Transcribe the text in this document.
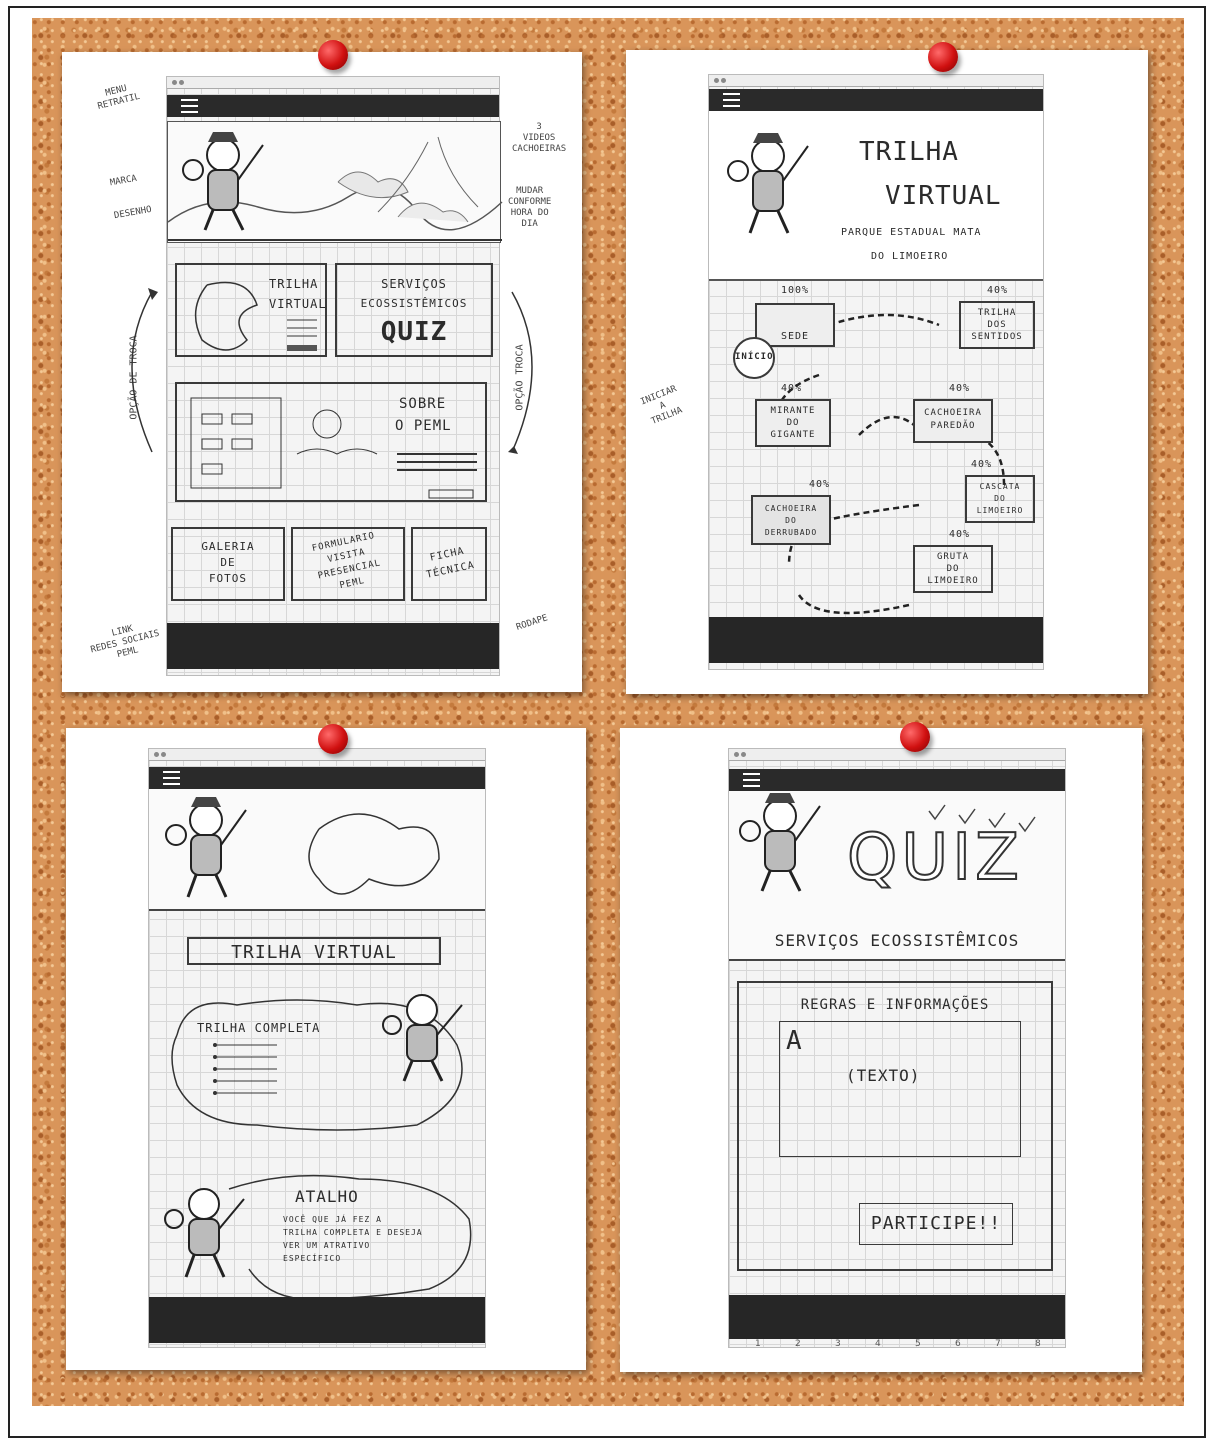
TRILHA
VIRTUAL
SERVIÇOS
ECOSSISTÊMICOS
QUIZ
SOBRE
O PEML
GALERIA
DE
FOTOS
FORMULARIO
VISITA
PRESENCIAL
PEML
FICHA
TÉCNICA
MENU
RETRATIL
3
VIDEOS
CACHOEIRAS
MUDAR
CONFORME
HORA DO
DIA
MARCA
DESENHO
OPÇÃO DE TROCA	OPÇÃO TROCA
LINK
REDES SOCIAIS
PEML
RODAPE
TRILHA
VIRTUAL
PARQUE ESTADUAL MATA
DO LIMOEIRO
SEDE
100%
INÍCIO
TRILHA
DOS
SENTIDOS
40%
MIRANTE
DO
GIGANTE
40%
CACHOEIRA
PAREDÃO
40%
CASCATA
DO
LIMOEIRO
40%
CACHOEIRA
DO
DERRUBADO
40%
GRUTA
DO
LIMOEIRO
40%
INICIAR
A
TRILHA
TRILHA VIRTUAL
TRILHA COMPLETA
ATALHO
VOCÊ QUE JÁ FEZ A
TRILHA COMPLETA E DESEJA
VER UM ATRATIVO
ESPECÍFICO
QUIZ
SERVIÇOS ECOSSISTÊMICOS
REGRAS E INFORMAÇÕES
A
(TEXTO)
PARTICIPE!!
1	2	3	4	5	6	7	8
